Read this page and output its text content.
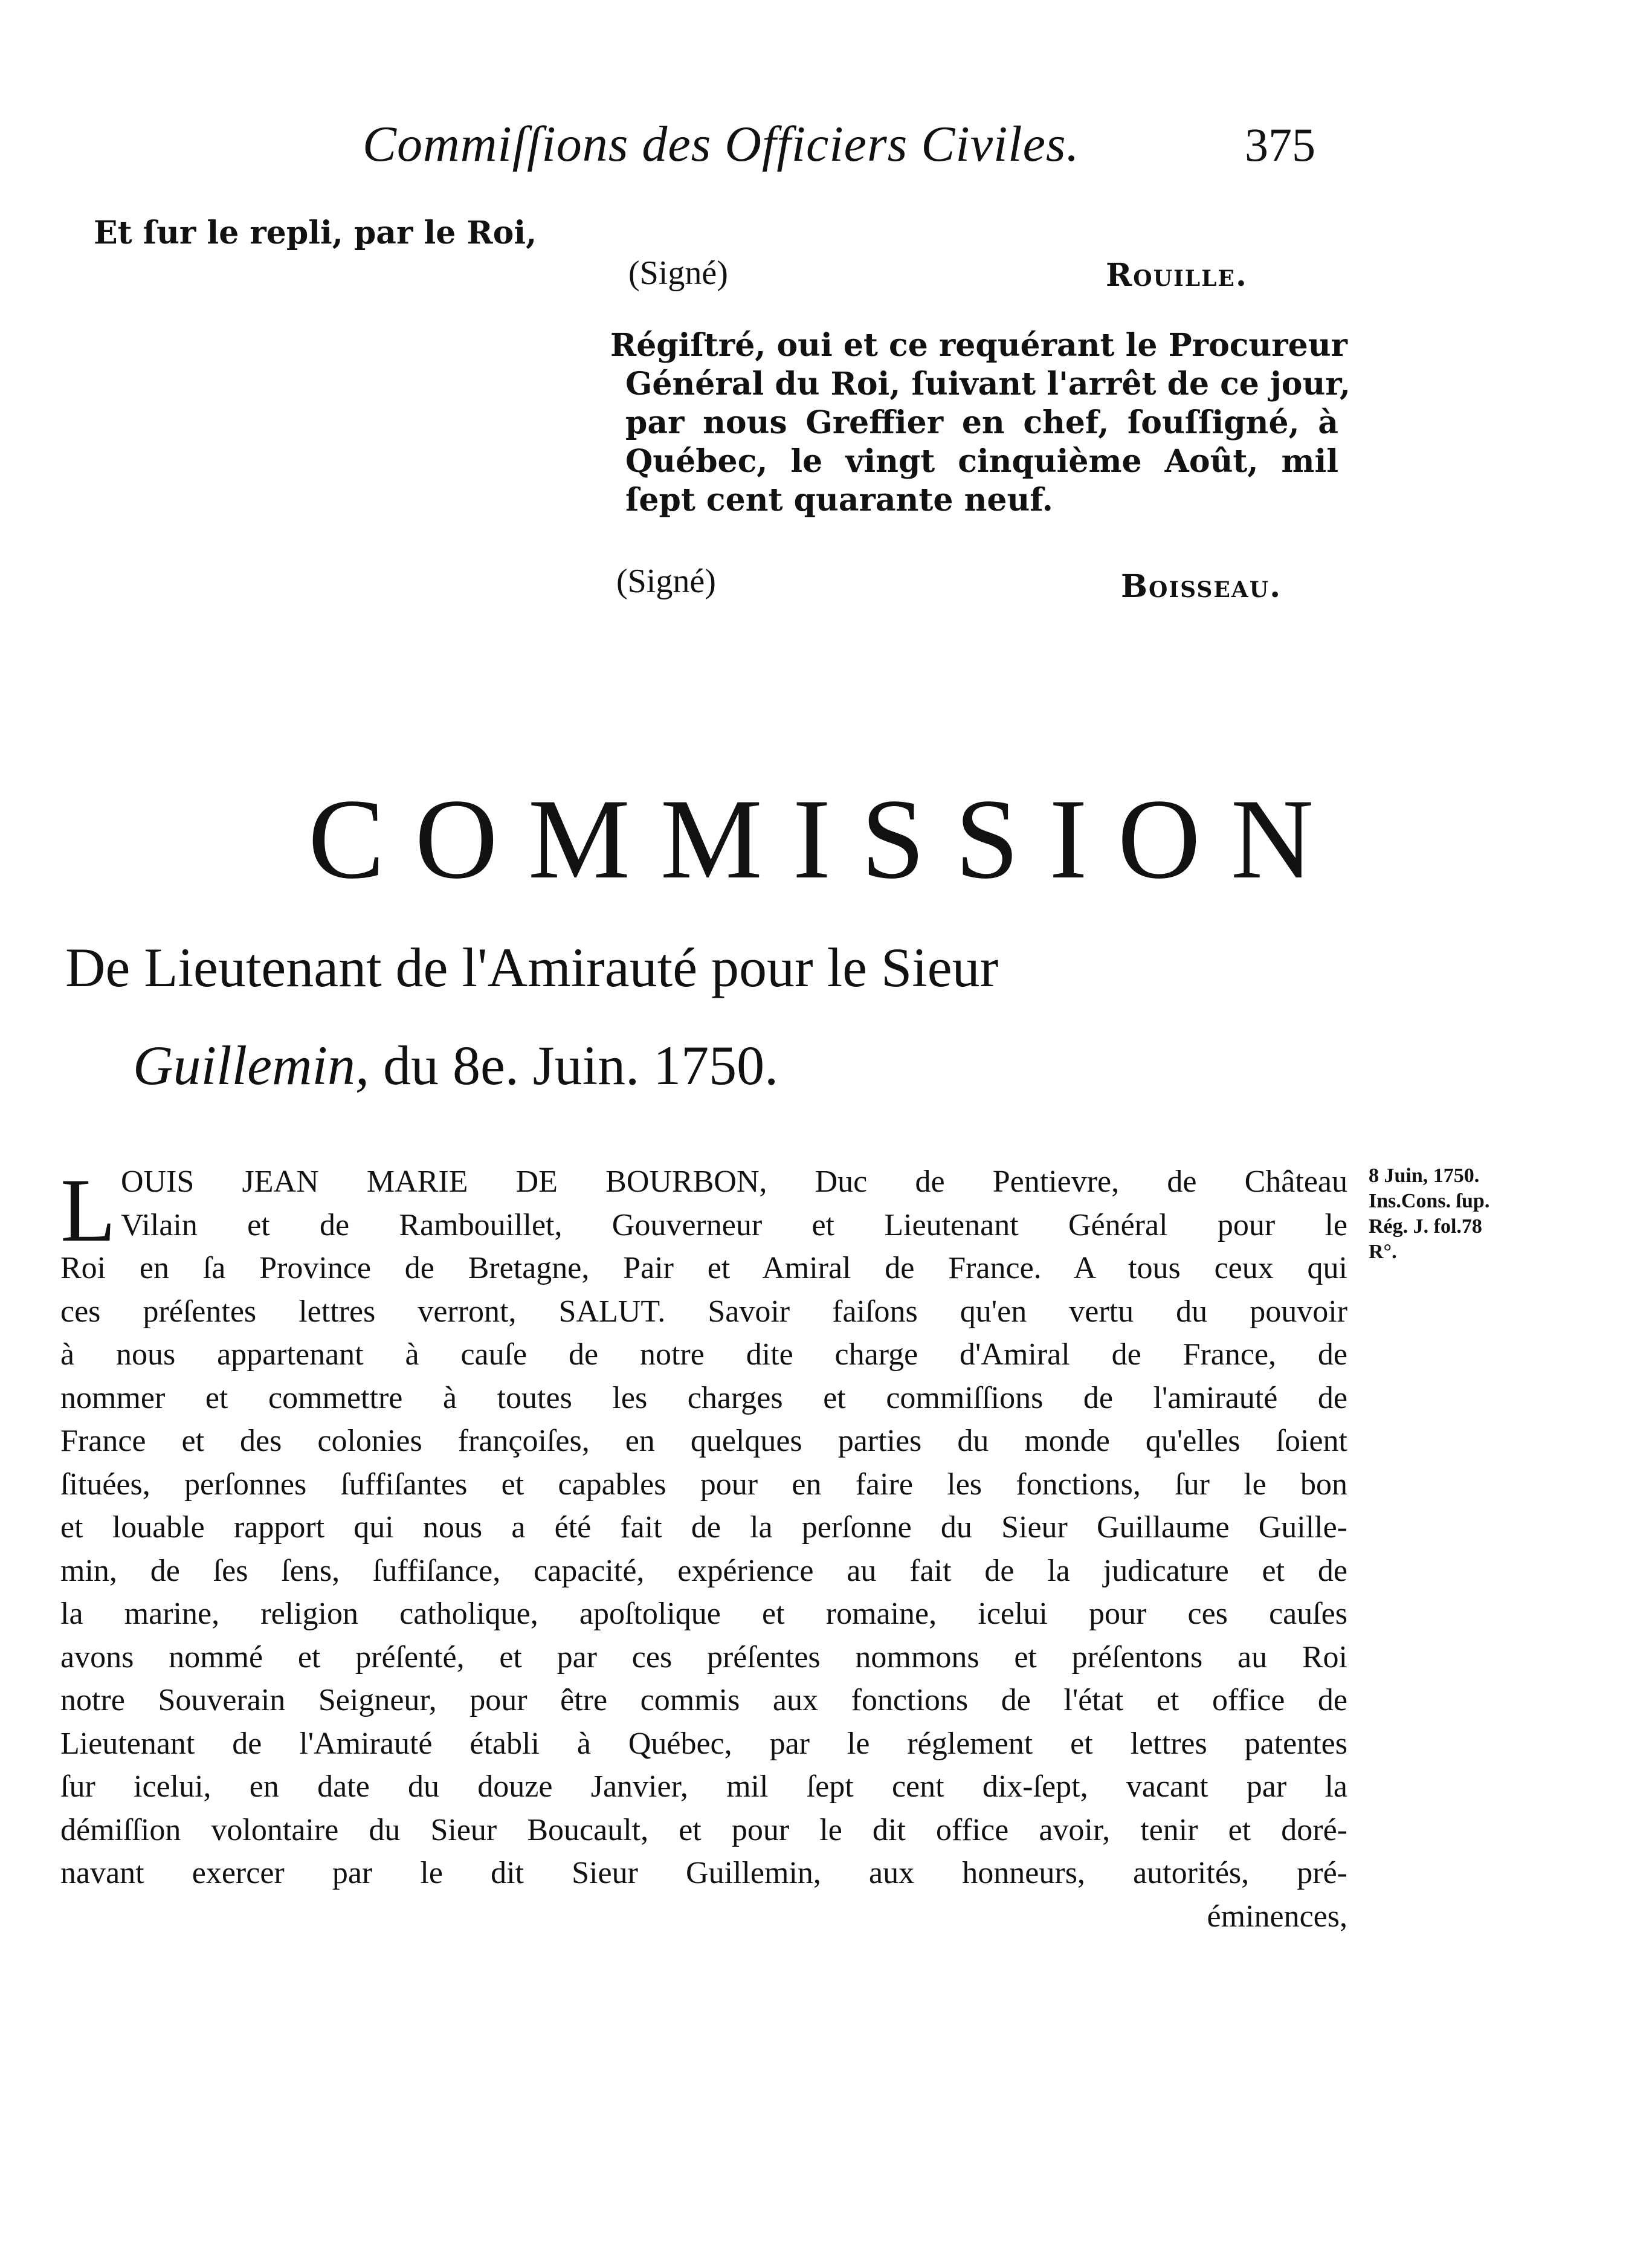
Commiſſions des Officiers Civiles.	375
Et ſur le repli, par le Roi,
(Signé)	Rouille.
Régiſtré, oui et ce requérant le Procureur
Général du Roi, ſuivant l'arrêt de ce jour,
par nous Greffier en chef, ſouſſigné, à
Québec, le vingt cinquième Août, mil
ſept cent quarante neuf.
(Signé)	Boisseau.
COMMISSION
De Lieutenant de l'Amirauté pour le Sieur
Guillemin, du 8e. Juin. 1750.
8 Juin, 1750.
Ins.Cons. ſup.
Rég. J. fol.78
R°.
L OUIS JEAN MARIE DE BOURBON, Duc de Pentievre, de Château
Vilain et de Rambouillet, Gouverneur et Lieutenant Général pour le
Roi en ſa Province de Bretagne, Pair et Amiral de France. A tous ceux qui
ces préſentes lettres verront, SALUT. Savoir faiſons qu'en vertu du pouvoir
à nous appartenant à cauſe de notre dite charge d'Amiral de France, de
nommer et commettre à toutes les charges et commiſſions de l'amirauté de
France et des colonies françoiſes, en quelques parties du monde qu'elles ſoient
ſituées, perſonnes ſuffiſantes et capables pour en faire les fonctions, ſur le bon
et louable rapport qui nous a été fait de la perſonne du Sieur Guillaume Guille-
min, de ſes ſens, ſuffiſance, capacité, expérience au fait de la judicature et de
la marine, religion catholique, apoſtolique et romaine, icelui pour ces cauſes
avons nommé et préſenté, et par ces préſentes nommons et préſentons au Roi
notre Souverain Seigneur, pour être commis aux fonctions de l'état et office de
Lieutenant de l'Amirauté établi à Québec, par le réglement et lettres patentes
ſur icelui, en date du douze Janvier, mil ſept cent dix-ſept, vacant par la
démiſſion volontaire du Sieur Boucault, et pour le dit office avoir, tenir et doré-
navant exercer par le dit Sieur Guillemin, aux honneurs, autorités, pré-
éminences,
